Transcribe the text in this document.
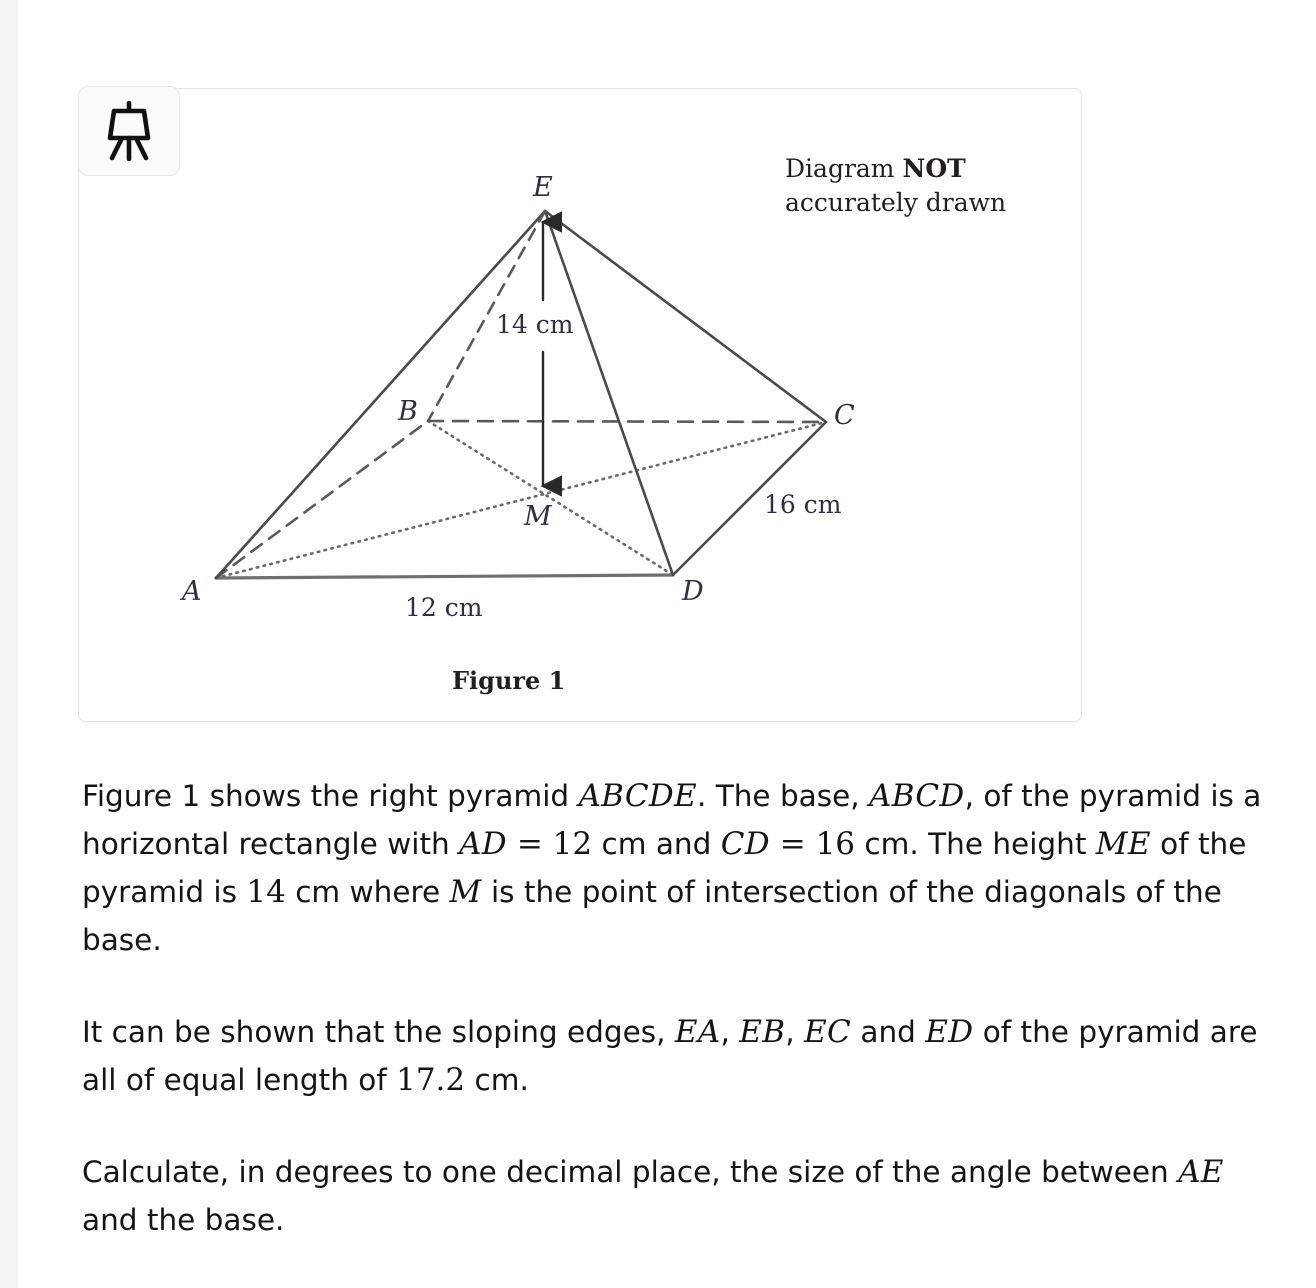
E
B	C
A	D
M
14 cm
12 cm
16 cm
Diagram NOT
accurately drawn
Figure 1

Figure 1 shows the right pyramid ABCDE. The base, ABCD, of the pyramid is a horizontal rectangle with AD = 12 cm and CD = 16 cm. The height ME of the pyramid is 14 cm where M is the point of intersection of the diagonals of the base.

It can be shown that the sloping edges, EA, EB, EC and ED of the pyramid are all of equal length of 17.2 cm.

Calculate, in degrees to one decimal place, the size of the angle between AE and the base.
